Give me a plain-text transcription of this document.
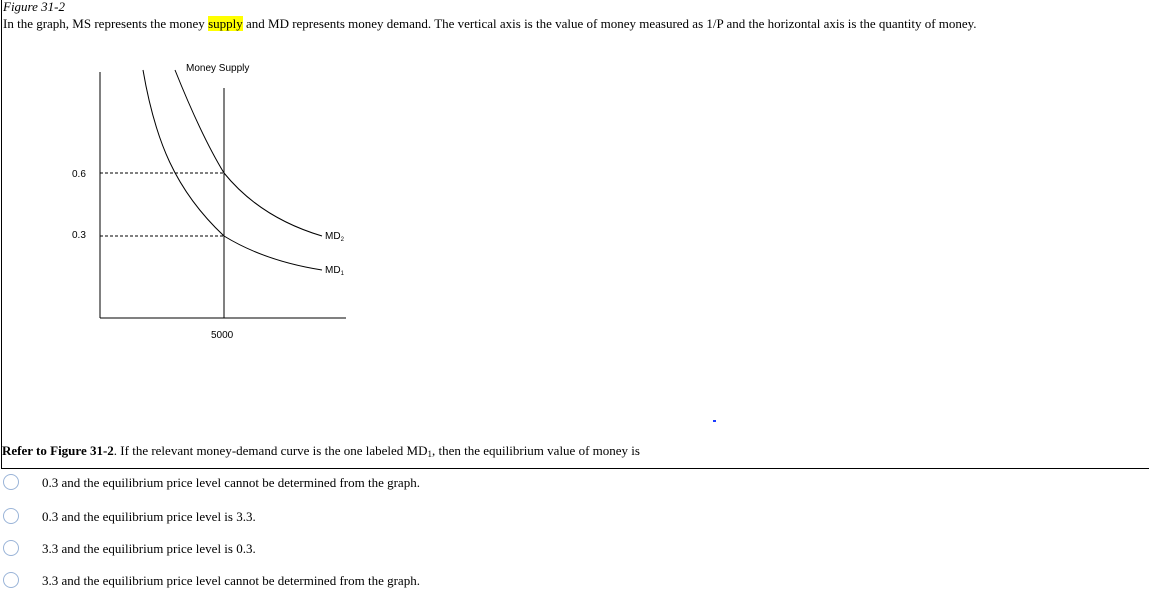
Figure 31-2
In the graph, MS represents the money supply and MD represents money demand. The vertical axis is the value of money measured as 1/P and the horizontal axis is the quantity of money.
Money Supply
0.6
0.3
5000
$MD_2$
$MD_1$
Refer to Figure 31-2. If the relevant money-demand curve is the one labeled $MD_1$, then the equilibrium value of money is
0.3 and the equilibrium price level cannot be determined from the graph.
0.3 and the equilibrium price level is 3.3.
3.3 and the equilibrium price level is 0.3.
3.3 and the equilibrium price level cannot be determined from the graph.
